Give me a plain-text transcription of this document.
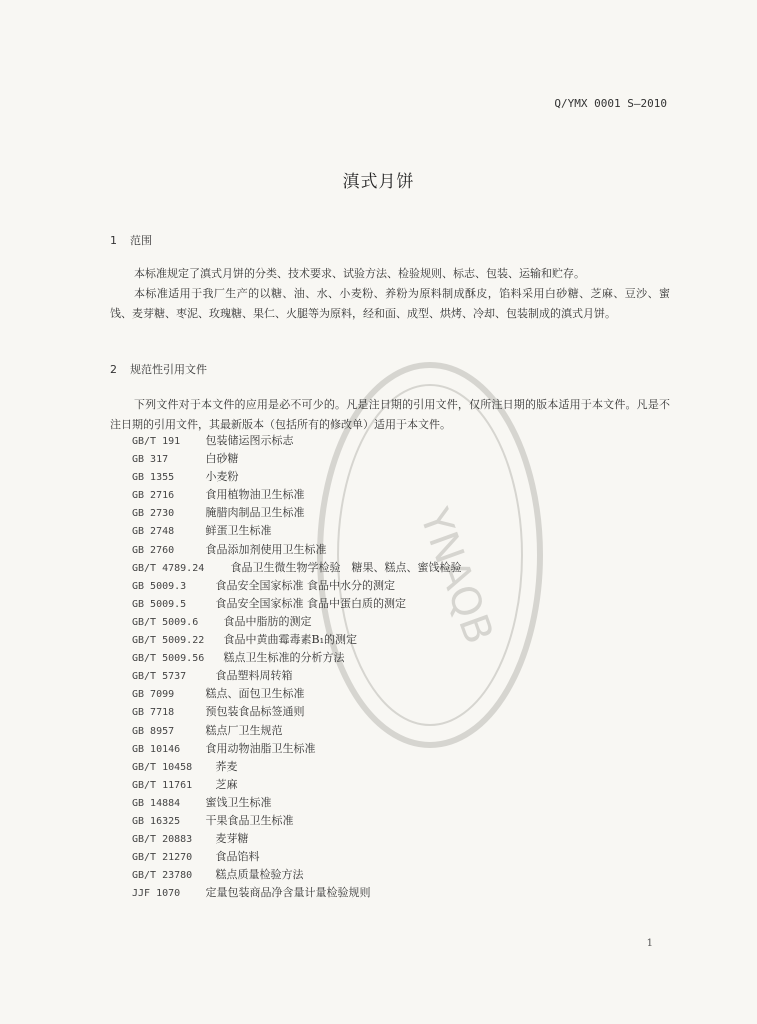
YNAQB
Q/YMX 0001 S—2010
滇式月饼
1 范围
本标准规定了滇式月饼的分类、技术要求、试验方法、检验规则、标志、包装、运输和贮存。
本标准适用于我厂生产的以糖、油、水、小麦粉、养粉为原料制成酥皮，馅料采用白砂糖、芝麻、豆沙、蜜饯、麦芽糖、枣泥、玫瑰糖、果仁、火腿等为原料，经和面、成型、烘烤、冷却、包装制成的滇式月饼。
2 规范性引用文件
下列文件对于本文件的应用是必不可少的。凡是注日期的引用文件，仅所注日期的版本适用于本文件。凡是不注日期的引用文件，其最新版本（包括所有的修改单）适用于本文件。
GB/T 191 包装储运图示标志
GB 317	白砂糖
GB 1355	小麦粉
GB 2716	食用植物油卫生标准
GB 2730	腌腊肉制品卫生标准
GB 2748	鲜蛋卫生标准
GB 2760	食品添加剂使用卫生标准
GB/T 4789.24 食品卫生微生物学检验　糖果、糕点、蜜饯检验
GB 5009.3	食品安全国家标准 食品中水分的测定
GB 5009.5	食品安全国家标准 食品中蛋白质的测定
GB/T 5009.6 食品中脂肪的测定
GB/T 5009.22 食品中黄曲霉毒素B₁的测定
GB/T 5009.56 糕点卫生标准的分析方法
GB/T 5737	食品塑料周转箱
GB 7099	糕点、面包卫生标准
GB 7718	预包装食品标签通则
GB 8957	糕点厂卫生规范
GB 10146 食用动物油脂卫生标准
GB/T 10458 荞麦
GB/T 11761 芝麻
GB 14884 蜜饯卫生标准
GB 16325 干果食品卫生标准
GB/T 20883 麦芽糖
GB/T 21270 食品馅料
GB/T 23780 糕点质量检验方法
JJF 1070 定量包装商品净含量计量检验规则
1
